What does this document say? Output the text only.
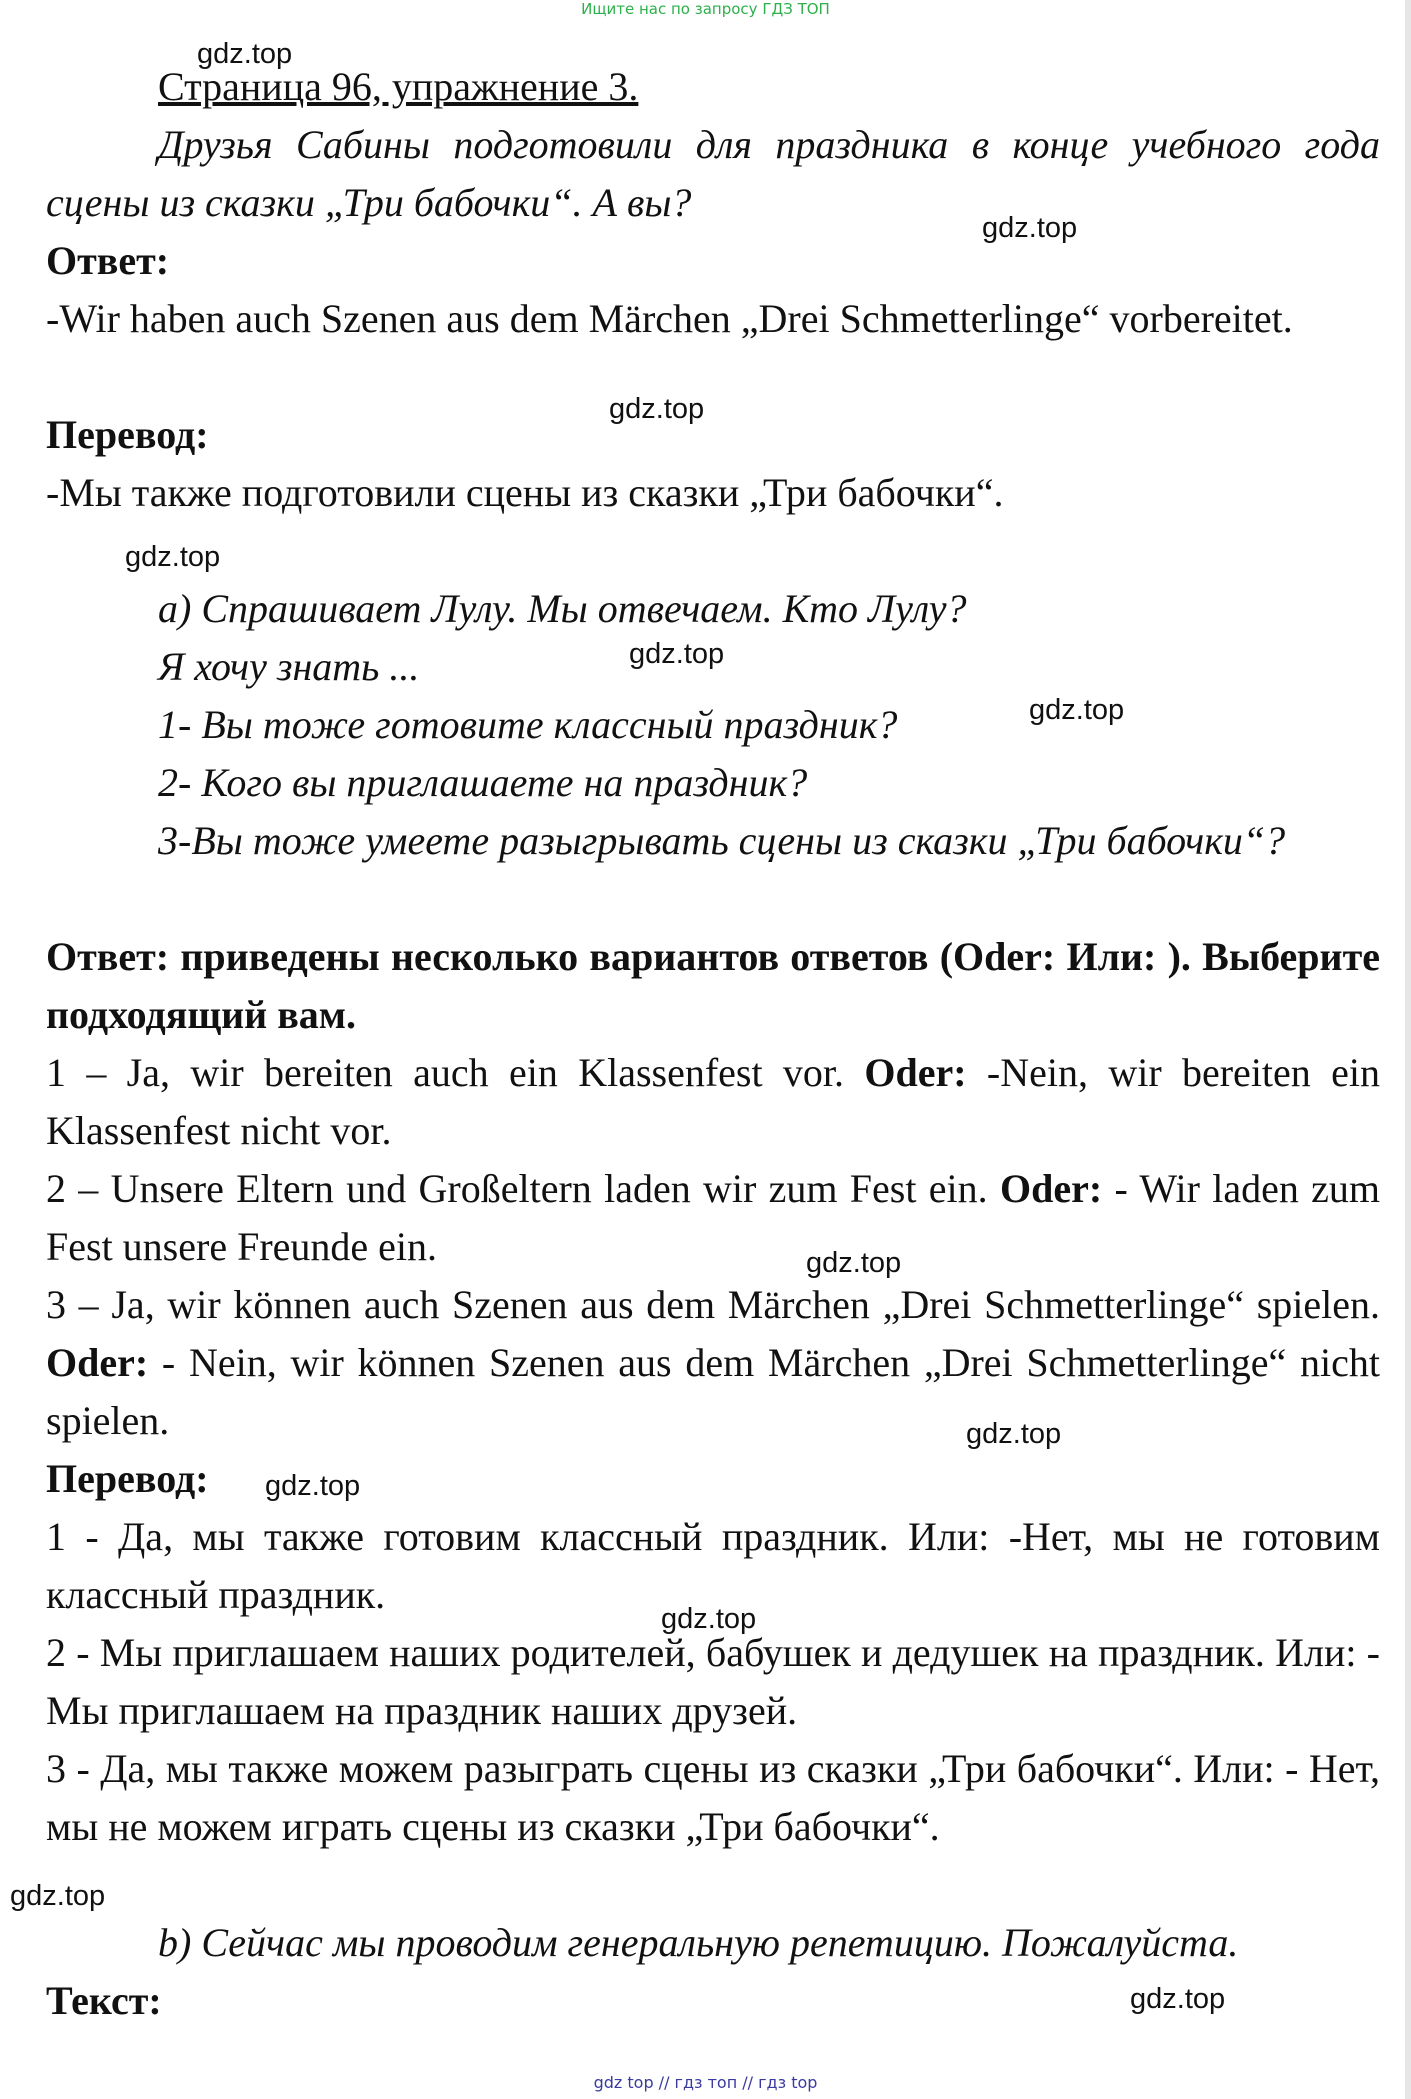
Ищите нас по запросу ГДЗ ТОП
Страница 96, упражнение 3.
Друзья Сабины подготовили для праздника в конце учебного года сцены из сказки „Три бабочки“. А вы?
Ответ:
-Wir haben auch Szenen aus dem Märchen „Drei Schmetterlinge“ vorbereitet.
Перевод:
-Мы также подготовили сцены из сказки „Три бабочки“.
а) Спрашивает Лулу. Мы отвечаем. Кто Лулу?
Я хочу знать ...
1- Вы тоже готовите классный праздник?
2- Кого вы приглашаете на праздник?
3-Вы тоже умеете разыгрывать сцены из сказки „Три бабочки“?
Ответ: приведены несколько вариантов ответов (Oder: Или: ). Выберите подходящий вам.
1 – Ja, wir bereiten auch ein Klassenfest vor. Oder: -Nein, wir bereiten ein Klassenfest nicht vor.
2 – Unsere Eltern und Großeltern laden wir zum Fest ein. Oder: - Wir laden zum Fest unsere Freunde ein.
3 – Ja, wir können auch Szenen aus dem Märchen „Drei Schmetterlinge“ spielen. Oder: - Nein, wir können Szenen aus dem Märchen „Drei Schmetterlinge“ nicht spielen.
Перевод:
1 - Да, мы также готовим классный праздник. Или: -Нет, мы не готовим классный праздник.
2 - Мы приглашаем наших родителей, бабушек и дедушек на праздник. Или: - Мы приглашаем на праздник наших друзей.
3 - Да, мы также можем разыграть сцены из сказки „Три бабочки“. Или: - Нет, мы не можем играть сцены из сказки „Три бабочки“.
b) Сейчас мы проводим генеральную репетицию. Пожалуйста.
Текст:
gdz.top
gdz.top
gdz.top
gdz.top
gdz.top
gdz.top
gdz.top
gdz.top
gdz.top
gdz.top
gdz.top
gdz.top
gdz top // гдз топ // гдз top
